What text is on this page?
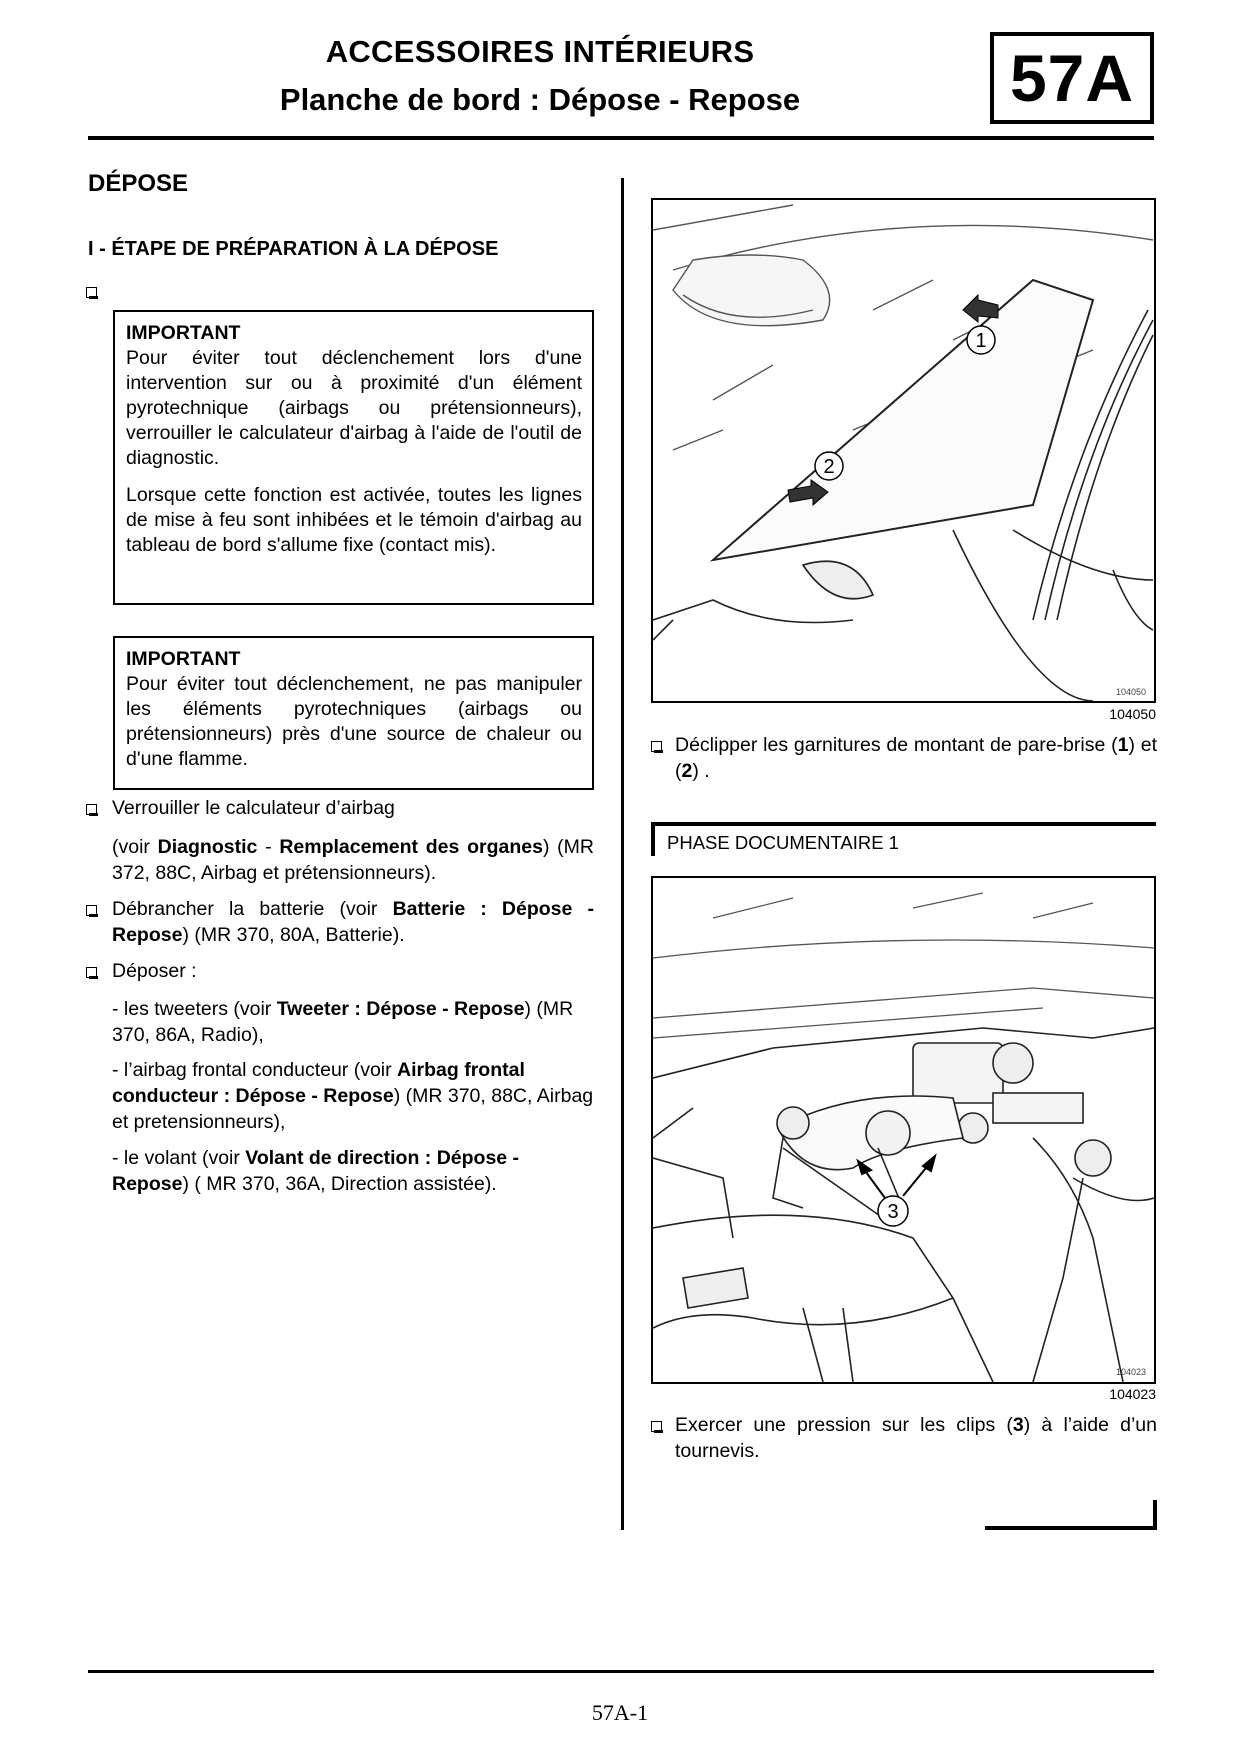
ACCESSOIRES INTÉRIEURS
Planche de bord : Dépose - Repose	57A
DÉPOSE
I - ÉTAPE DE PRÉPARATION À LA DÉPOSE
IMPORTANT

Pour éviter tout déclenchement lors d'une intervention sur ou à proximité d'un élément pyrotechnique (airbags ou prétensionneurs), verrouiller le calculateur d'airbag à l'aide de l'outil de diagnostic.

Lorsque cette fonction est activée, toutes les lignes de mise à feu sont inhibées et le témoin d'airbag au tableau de bord s'allume fixe (contact mis).

IMPORTANT

Pour éviter tout déclenchement, ne pas manipuler les éléments pyrotechniques (airbags ou prétensionneurs) près d'une source de chaleur ou d'une flamme.

Verrouiller le calculateur d’airbag
(voir Diagnostic - Remplacement des organes) (MR 372, 88C, Airbag et prétensionneurs).
Débrancher la batterie (voir Batterie : Dépose - Repose) (MR 370, 80A, Batterie).
Déposer :
- les tweeters (voir Tweeter : Dépose - Repose) (MR 370, 86A, Radio),
- l’airbag frontal conducteur (voir Airbag frontal conducteur : Dépose - Repose) (MR 370, 88C, Airbag et pretensionneurs),
- le volant (voir Volant de direction : Dépose - Repose) ( MR 370, 36A, Direction assistée).
1
2
104050
104050
Déclipper les garnitures de montant de pare-brise (1) et (2) .
PHASE DOCUMENTAIRE 1
3
104023
104023
Exercer une pression sur les clips (3) à l’aide d’un tournevis.
57A-1
